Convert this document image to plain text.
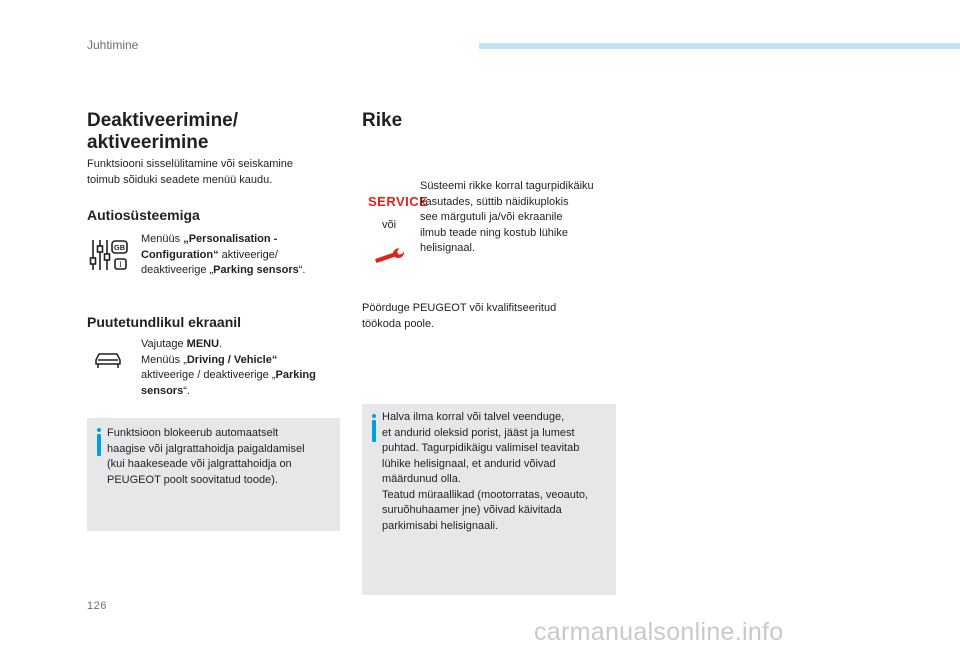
Juhtimine
Deaktiveerimine/
aktiveerimine
Funktsiooni sisselülitamine või seiskamine
toimub sõiduki seadete menüü kaudu.
Autiosüsteemiga
GB
I
Menüüs „Personalisation -
Configuration“ aktiveerige/
deaktiveerige „Parking sensors“.
Puutetundlikul ekraanil
Vajutage MENU.
Menüüs „Driving / Vehicle“
aktiveerige / deaktiveerige „Parking
sensors“.
Funktsioon blokeerub automaatselt
haagise või jalgrattahoidja paigaldamisel
(kui haakeseade või jalgrattahoidja on
PEUGEOT poolt soovitatud toode).
Rike
SERVICE
või
Süsteemi rikke korral tagurpidikäiku
kasutades, süttib näidikuplokis
see märgutuli ja/või ekraanile
ilmub teade ning kostub lühike
helisignaal.
Pöörduge PEUGEOT või kvalifitseeritud
töökoda poole.
Halva ilma korral või talvel veenduge,
et andurid oleksid porist, jääst ja lumest
puhtad. Tagurpidikäigu valimisel teavitab
lühike helisignaal, et andurid võivad
määrdunud olla.
Teatud müraallikad (mootorratas, veoauto,
suruõhuhaamer jne) võivad käivitada
parkimisabi helisignaali.
126
carmanualsonline.info
